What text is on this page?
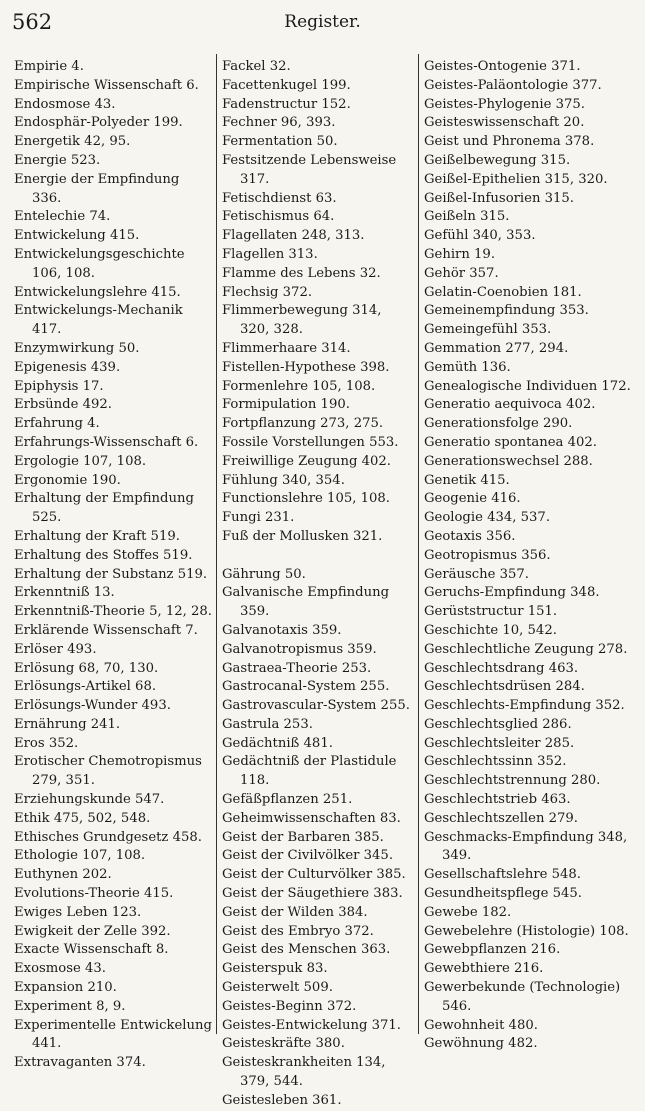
562	Register.
Empirie 4.
Empirische Wissenschaft 6.
Endosmose 43.
Endosphär-Polyeder 199.
Energetik 42, 95.
Energie 523.
Energie der Empfindung 336.
Entelechie 74.
Entwickelung 415.
Entwickelungsgeschichte 106, 108.
Entwickelungslehre 415.
Entwickelungs-Mechanik 417.
Enzymwirkung 50.
Epigenesis 439.
Epiphysis 17.
Erbsünde 492.
Erfahrung 4.
Erfahrungs-Wissenschaft 6.
Ergologie 107, 108.
Ergonomie 190.
Erhaltung der Empfindung 525.
Erhaltung der Kraft 519.
Erhaltung des Stoffes 519.
Erhaltung der Substanz 519.
Erkenntniß 13.
Erkenntniß-Theorie 5, 12, 28.
Erklärende Wissenschaft 7.
Erlöser 493.
Erlösung 68, 70, 130.
Erlösungs-Artikel 68.
Erlösungs-Wunder 493.
Ernährung 241.
Eros 352.
Erotischer Chemotropismus 279, 351.
Erziehungskunde 547.
Ethik 475, 502, 548.
Ethisches Grundgesetz 458.
Ethologie 107, 108.
Euthynen 202.
Evolutions-Theorie 415.
Ewiges Leben 123.
Ewigkeit der Zelle 392.
Exacte Wissenschaft 8.
Exosmose 43.
Expansion 210.
Experiment 8, 9.
Experimentelle Entwickelung 441.
Extravaganten 374.
Fackel 32.
Facettenkugel 199.
Fadenstructur 152.
Fechner 96, 393.
Fermentation 50.
Festsitzende Lebensweise 317.
Fetischdienst 63.
Fetischismus 64.
Flagellaten 248, 313.
Flagellen 313.
Flamme des Lebens 32.
Flechsig 372.
Flimmerbewegung 314, 320, 328.
Flimmerhaare 314.
Fistellen-Hypothese 398.
Formenlehre 105, 108.
Formipulation 190.
Fortpflanzung 273, 275.
Fossile Vorstellungen 553.
Freiwillige Zeugung 402.
Fühlung 340, 354.
Functionslehre 105, 108.
Fungi 231.
Fuß der Mollusken 321.
Gährung 50.
Galvanische Empfindung 359.
Galvanotaxis 359.
Galvanotropismus 359.
Gastraea-Theorie 253.
Gastrocanal-System 255.
Gastrovascular-System 255.
Gastrula 253.
Gedächtniß 481.
Gedächtniß der Plastidule 118.
Gefäßpflanzen 251.
Geheimwissenschaften 83.
Geist der Barbaren 385.
Geist der Civilvölker 345.
Geist der Culturvölker 385.
Geist der Säugethiere 383.
Geist der Wilden 384.
Geist des Embryo 372.
Geist des Menschen 363.
Geisterspuk 83.
Geisterwelt 509.
Geistes-Beginn 372.
Geistes-Entwickelung 371.
Geisteskräfte 380.
Geisteskrankheiten 134, 379, 544.
Geistesleben 361.
Geistes-Ontogenie 371.
Geistes-Paläontologie 377.
Geistes-Phylogenie 375.
Geisteswissenschaft 20.
Geist und Phronema 378.
Geißelbewegung 315.
Geißel-Epithelien 315, 320.
Geißel-Infusorien 315.
Geißeln 315.
Gefühl 340, 353.
Gehirn 19.
Gehör 357.
Gelatin-Coenobien 181.
Gemeinempfindung 353.
Gemeingefühl 353.
Gemmation 277, 294.
Gemüth 136.
Genealogische Individuen 172.
Generatio aequivoca 402.
Generationsfolge 290.
Generatio spontanea 402.
Generationswechsel 288.
Genetik 415.
Geogenie 416.
Geologie 434, 537.
Geotaxis 356.
Geotropismus 356.
Geräusche 357.
Geruchs-Empfindung 348.
Gerüststructur 151.
Geschichte 10, 542.
Geschlechtliche Zeugung 278.
Geschlechtsdrang 463.
Geschlechtsdrüsen 284.
Geschlechts-Empfindung 352.
Geschlechtsglied 286.
Geschlechtsleiter 285.
Geschlechtssinn 352.
Geschlechtstrennung 280.
Geschlechtstrieb 463.
Geschlechtszellen 279.
Geschmacks-Empfindung 348, 349.
Gesellschaftslehre 548.
Gesundheitspflege 545.
Gewebe 182.
Gewebelehre (Histologie) 108.
Gewebpflanzen 216.
Gewebthiere 216.
Gewerbekunde (Technologie) 546.
Gewohnheit 480.
Gewöhnung 482.
